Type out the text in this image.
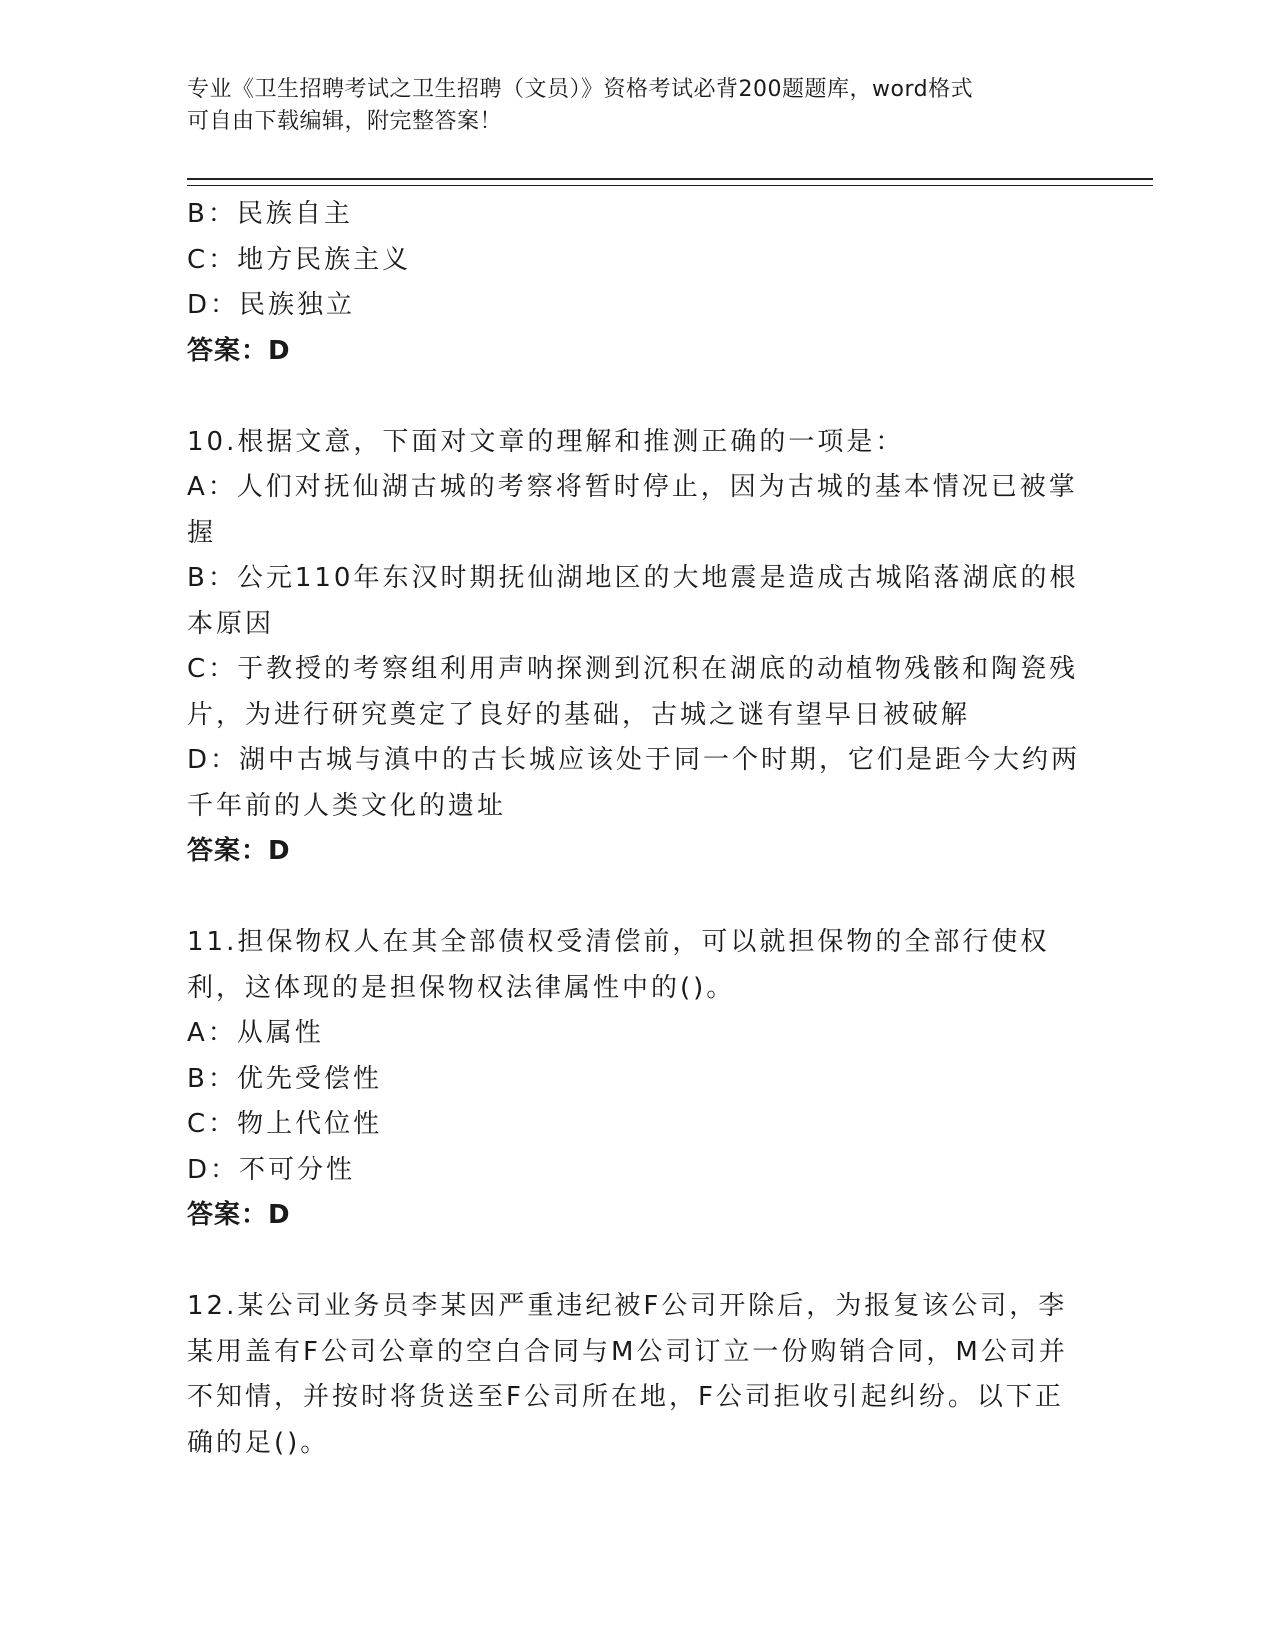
专业《卫生招聘考试之卫生招聘（文员）》资格考试必背200题题库，word格式
可自由下载编辑，附完整答案！
B：民族自主
C：地方民族主义
D：民族独立
答案：D
10.根据文意，下面对文章的理解和推测正确的一项是：
A：人们对抚仙湖古城的考察将暂时停止，因为古城的基本情况已被掌握
B：公元110年东汉时期抚仙湖地区的大地震是造成古城陷落湖底的根本原因
C：于教授的考察组利用声呐探测到沉积在湖底的动植物残骸和陶瓷残片，为进行研究奠定了良好的基础，古城之谜有望早日被破解
D：湖中古城与滇中的古长城应该处于同一个时期，它们是距今大约两千年前的人类文化的遗址
答案：D
11.担保物权人在其全部债权受清偿前，可以就担保物的全部行使权利，这体现的是担保物权法律属性中的()。
A：从属性
B：优先受偿性
C：物上代位性
D：不可分性
答案：D
12.某公司业务员李某因严重违纪被F公司开除后，为报复该公司，李某用盖有F公司公章的空白合同与M公司订立一份购销合同，M公司并不知情，并按时将货送至F公司所在地，F公司拒收引起纠纷。以下正确的足()。
